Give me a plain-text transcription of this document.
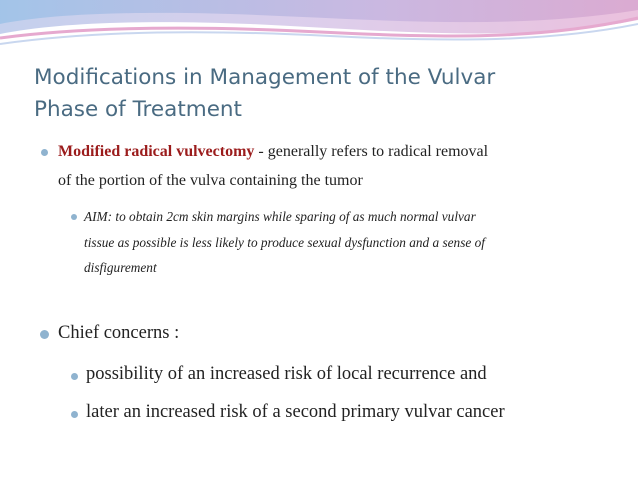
Modifications in Management of the Vulvar
Phase of Treatment
Modified radical vulvectomy - generally refers to radical removal
of the portion of the vulva containing the tumor
AIM: to obtain 2cm skin margins while sparing of as much normal vulvar
tissue as possible is less likely to produce sexual dysfunction and a sense of
disfigurement
Chief concerns :
possibility of an increased risk of local recurrence and
later an increased risk of a second primary vulvar cancer
